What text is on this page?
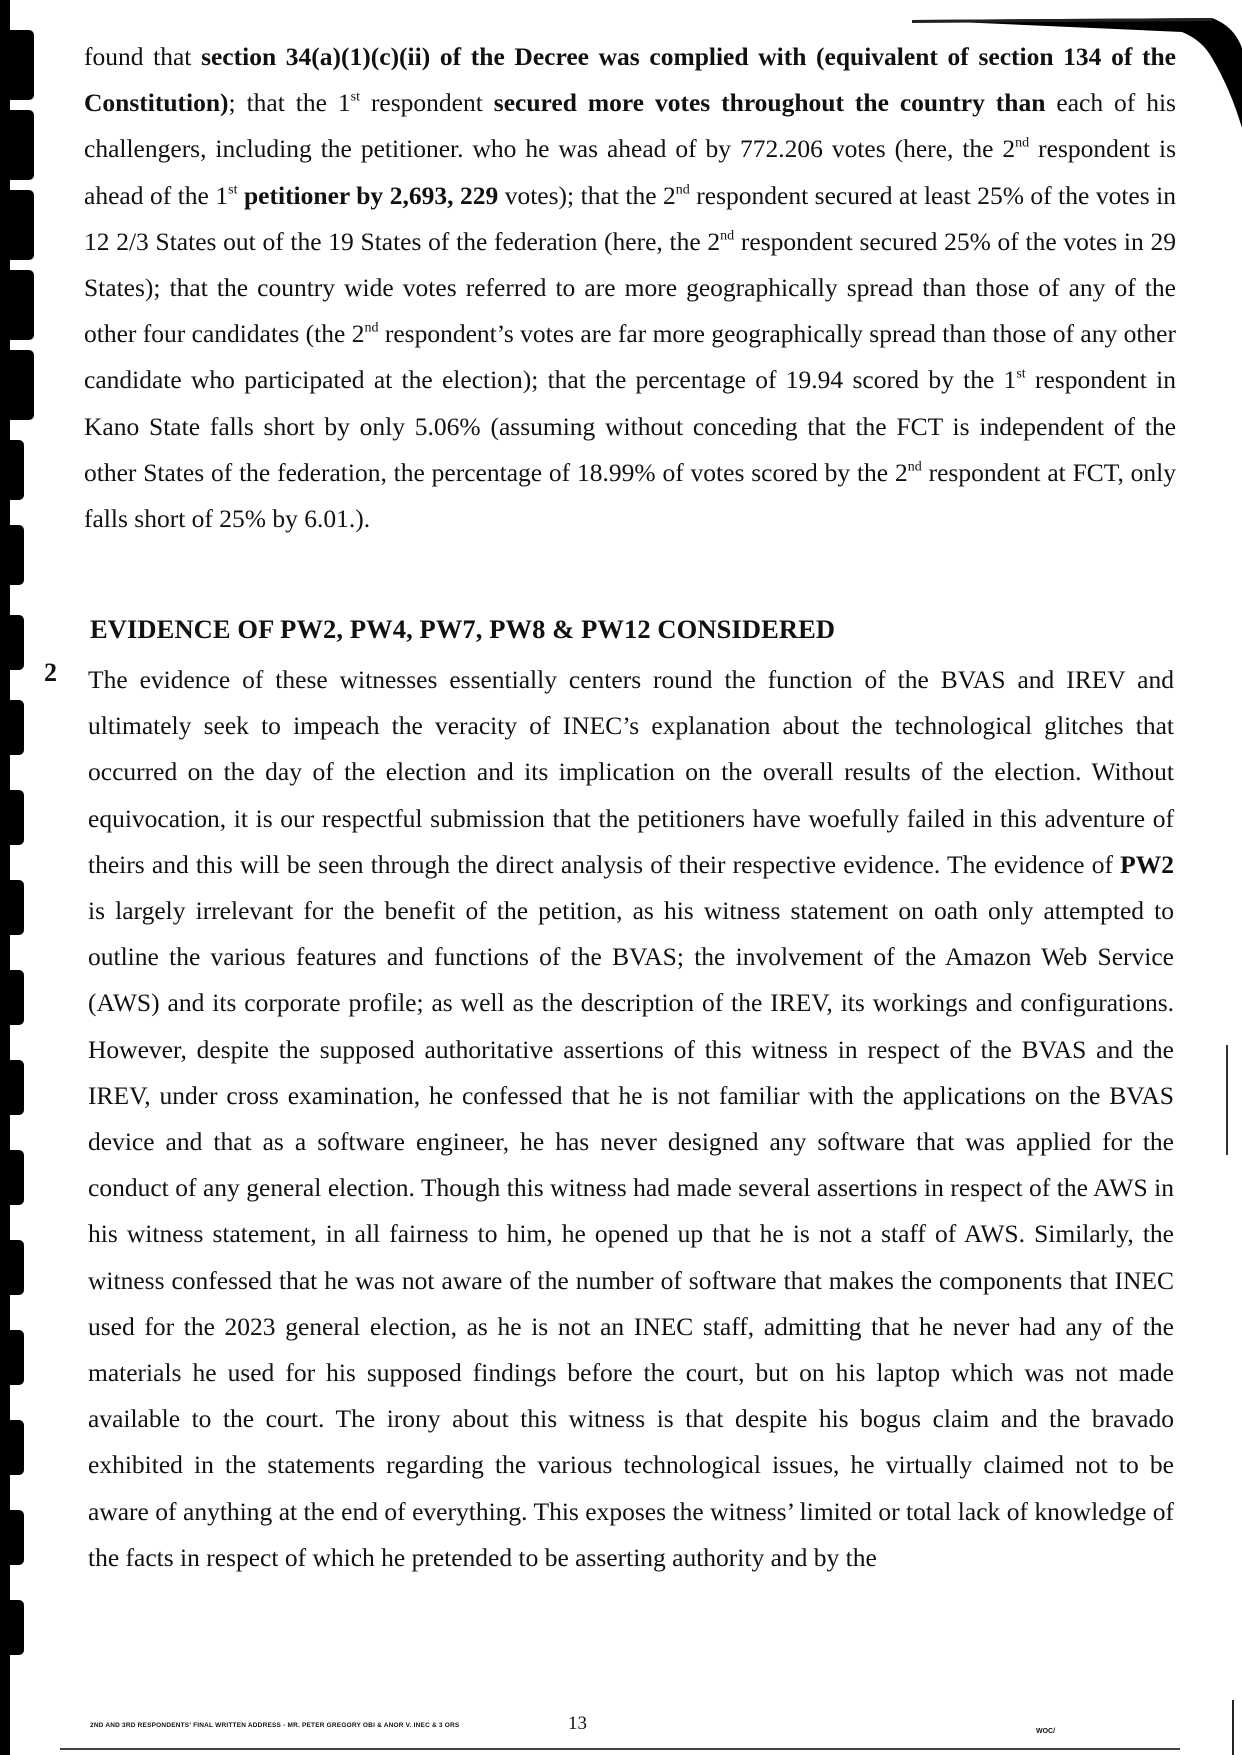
found that section 34(a)(1)(c)(ii) of the Decree was complied with (equivalent of section 134 of the Constitution); that the 1st respondent secured more votes throughout the country than each of his challengers, including the petitioner. who he was ahead of by 772.206 votes (here, the 2nd respondent is ahead of the 1st petitioner by 2,693, 229 votes); that the 2nd respondent secured at least 25% of the votes in 12 2/3 States out of the 19 States of the federation (here, the 2nd respondent secured 25% of the votes in 29 States); that the country wide votes referred to are more geographically spread than those of any of the other four candidates (the 2nd respondent’s votes are far more geographically spread than those of any other candidate who participated at the election); that the percentage of 19.94 scored by the 1st respondent in Kano State falls short by only 5.06% (assuming without conceding that the FCT is independent of the other States of the federation, the percentage of 18.99% of votes scored by the 2nd respondent at FCT, only falls short of 25% by 6.01.).

EVIDENCE OF PW2, PW4, PW7, PW8 & PW12 CONSIDERED
2 The evidence of these witnesses essentially centers round the function of the BVAS and IREV and ultimately seek to impeach the veracity of INEC’s explanation about the technological glitches that occurred on the day of the election and its implication on the overall results of the election. Without equivocation, it is our respectful submission that the petitioners have woefully failed in this adventure of theirs and this will be seen through the direct analysis of their respective evidence. The evidence of PW2 is largely irrelevant for the benefit of the petition, as his witness statement on oath only attempted to outline the various features and functions of the BVAS; the involvement of the Amazon Web Service (AWS) and its corporate profile; as well as the description of the IREV, its workings and configurations. However, despite the supposed authoritative assertions of this witness in respect of the BVAS and the IREV, under cross examination, he confessed that he is not familiar with the applications on the BVAS device and that as a software engineer, he has never designed any software that was applied for the conduct of any general election. Though this witness had made several assertions in respect of the AWS in his witness statement, in all fairness to him, he opened up that he is not a staff of AWS. Similarly, the witness confessed that he was not aware of the number of software that makes the components that INEC used for the 2023 general election, as he is not an INEC staff, admitting that he never had any of the materials he used for his supposed findings before the court, but on his laptop which was not made available to the court. The irony about this witness is that despite his bogus claim and the bravado exhibited in the statements regarding the various technological issues, he virtually claimed not to be aware of anything at the end of everything. This exposes the witness’ limited or total lack of knowledge of the facts in respect of which he pretended to be asserting authority and by the

2ND AND 3RD RESPONDENTS' FINAL WRITTEN ADDRESS - MR. PETER GREGORY OBI & ANOR V. INEC & 3 ORS	13	WOC/
